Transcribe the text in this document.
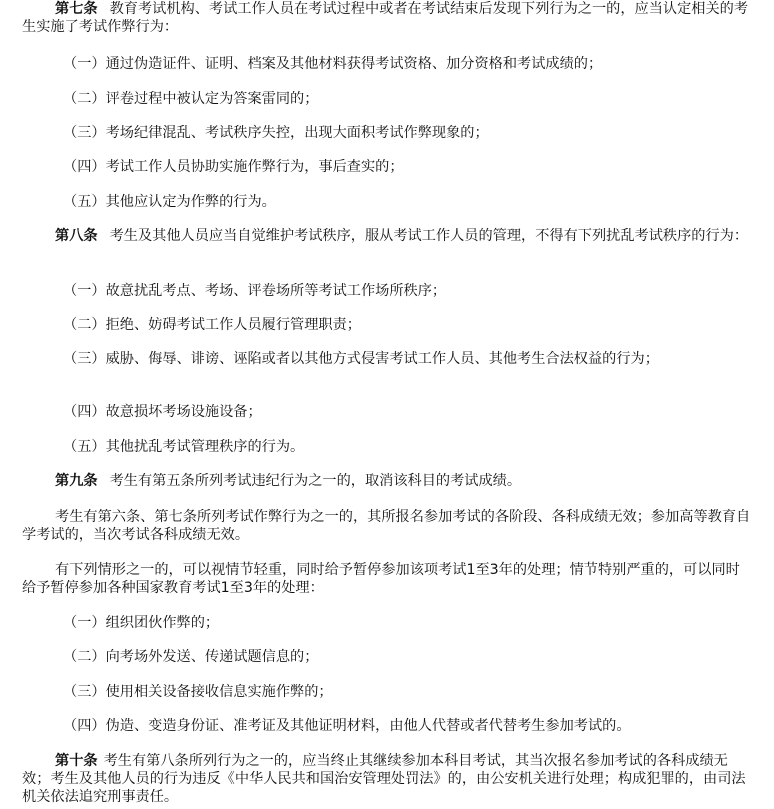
第七条 教育考试机构、考试工作人员在考试过程中或者在考试结束后发现下列行为之一的，应当认定相关的考生实施了考试作弊行为：

（一）通过伪造证件、证明、档案及其他材料获得考试资格、加分资格和考试成绩的；

（二）评卷过程中被认定为答案雷同的；

（三）考场纪律混乱、考试秩序失控，出现大面积考试作弊现象的；

（四）考试工作人员协助实施作弊行为，事后查实的；

（五）其他应认定为作弊的行为。

第八条 考生及其他人员应当自觉维护考试秩序，服从考试工作人员的管理，不得有下列扰乱考试秩序的行为：

（一）故意扰乱考点、考场、评卷场所等考试工作场所秩序；

（二）拒绝、妨碍考试工作人员履行管理职责；

（三）威胁、侮辱、诽谤、诬陷或者以其他方式侵害考试工作人员、其他考生合法权益的行为；

（四）故意损坏考场设施设备；

（五）其他扰乱考试管理秩序的行为。

第九条 考生有第五条所列考试违纪行为之一的，取消该科目的考试成绩。

考生有第六条、第七条所列考试作弊行为之一的，其所报名参加考试的各阶段、各科成绩无效；参加高等教育自学考试的，当次考试各科成绩无效。

有下列情形之一的，可以视情节轻重，同时给予暂停参加该项考试1至3年的处理；情节特别严重的，可以同时给予暂停参加各种国家教育考试1至3年的处理：

（一）组织团伙作弊的；

（二）向考场外发送、传递试题信息的；

（三）使用相关设备接收信息实施作弊的；

（四）伪造、变造身份证、准考证及其他证明材料，由他人代替或者代替考生参加考试的。

第十条 考生有第八条所列行为之一的，应当终止其继续参加本科目考试，其当次报名参加考试的各科成绩无效；考生及其他人员的行为违反《中华人民共和国治安管理处罚法》的，由公安机关进行处理；构成犯罪的，由司法机关依法追究刑事责任。
